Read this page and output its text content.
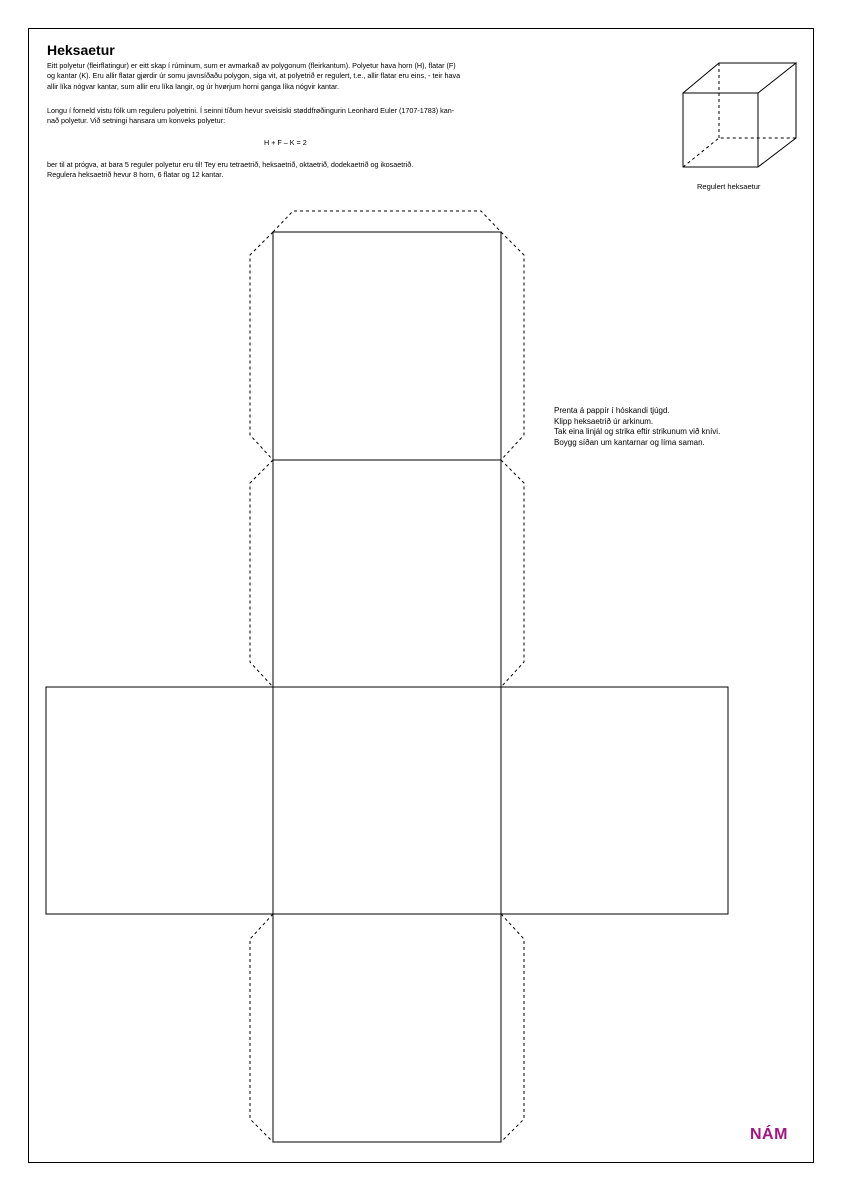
Heksaetur

Eitt polyetur (fleirflatingur) er eitt skap í rúminum, sum er avmarkað av polygonum (fleirkantum). Polyetur hava horn (H), flatar (F)
og kantar (K). Eru allir flatar gjørdir úr somu javnsíðaðu polygon, siga vit, at polyetrið er regulert, t.e., allir flatar eru eins, - teir hava
allir líka nógvar kantar, sum allir eru líka langir, og úr hvørjum horni ganga líka nógvir kantar.

Longu í forneld vistu fólk um reguleru polyetrini. Í seinni tíðum hevur sveisiski støddfrøðingurin Leonhard Euler (1707-1783) kan-
nað polyetur. Við setningi hansara um konveks polyetur:

H + F – K = 2

ber til at prógva, at bara 5 reguler polyetur eru til! Tey eru tetraetrið, heksaetrið, oktaetrið, dodekaetrið og ikosaetrið.
Regulera heksaetrið hevur 8 horn, 6 flatar og 12 kantar.

Regulert heksaetur

Prenta á pappír í hóskandi tjúgd.
Klipp heksaetrið úr arkinum.
Tak eina linjál og strika eftir strikunum við knívi.
Boygg síðan um kantarnar og líma saman.

NÁM
